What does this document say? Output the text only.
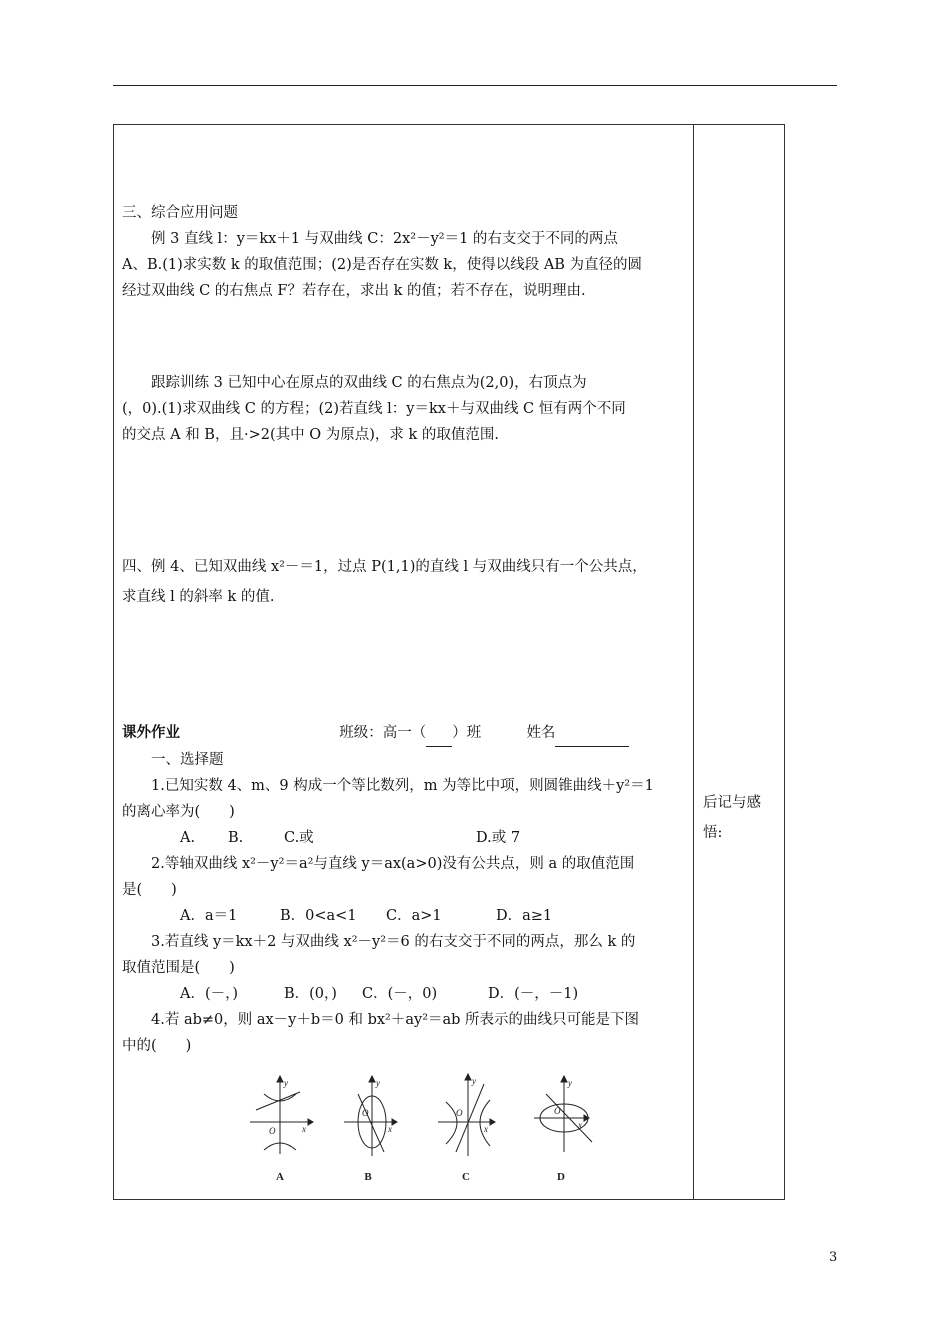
三、综合应用问题

例 3 直线 l：y＝kx＋1 与双曲线 C：2x²－y²＝1 的右支交于不同的两点

A、B.(1)求实数 k 的取值范围；(2)是否存在实数 k，使得以线段 AB 为直径的圆

经过双曲线 C 的右焦点 F？若存在，求出 k 的值；若不存在，说明理由.

跟踪训练 3 已知中心在原点的双曲线 C 的右焦点为(2,0)，右顶点为

(，0).(1)求双曲线 C 的方程；(2)若直线 l：y＝kx＋与双曲线 C 恒有两个不同

的交点 A 和 B，且·>2(其中 O 为原点)，求 k 的取值范围.

四、例 4、已知双曲线 x²－＝1，过点 P(1,1)的直线 l 与双曲线只有一个公共点，

求直线 l 的斜率 k 的值.

课外作业	班级：高一（ ）班	姓名

一、选择题

1.已知实数 4、m、9 构成一个等比数列，m 为等比中项，则圆锥曲线＋y²＝1

的离心率为(　　)

A. B.	C.或	D.或 7

2.等轴双曲线 x²－y²＝a²与直线 y＝ax(a>0)没有公共点，则 a 的取值范围

是(　　)

A．a＝1	B．0<a<1 C．a>1	D．a≥1

3.若直线 y＝kx＋2 与双曲线 x²－y²＝6 的右支交于不同的两点，那么 k 的

取值范围是(　　)

A．(－，)	B．(0，) C．(－，0)	D．(－，－1)

4.若 ab≠0，则 ax－y＋b＝0 和 bx²＋ay²＝ab 所表示的曲线只可能是下图

中的(　　)

y
x
O
y
x
O
y
x
O
y
x
O
A	B	C	D

后记与感

悟:

3
